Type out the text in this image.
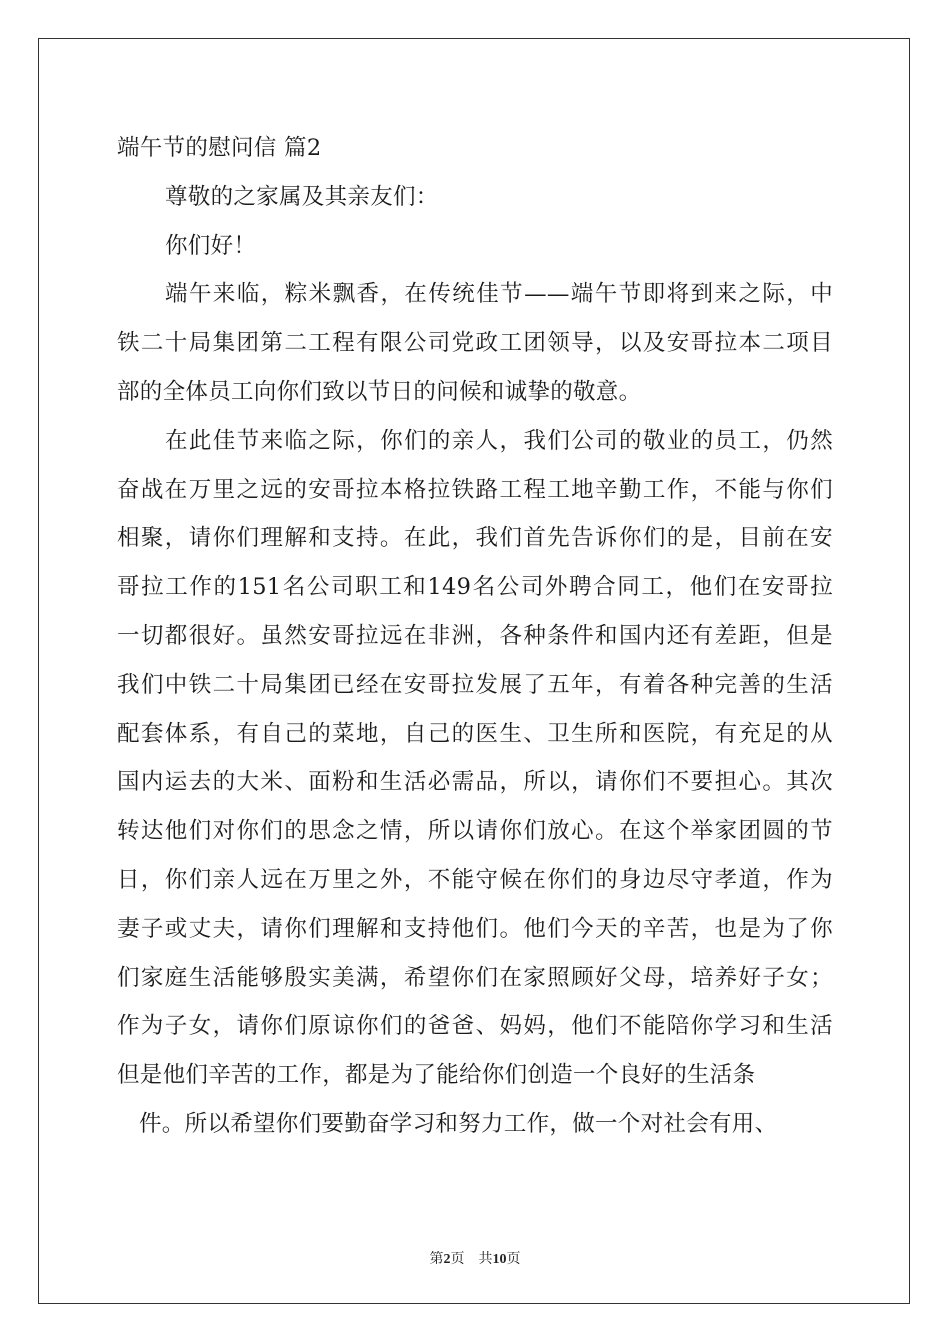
端午节的慰问信 篇2
尊敬的之家属及其亲友们：
你们好！
端午来临，粽米飘香，在传统佳节——端午节即将到来之际，中
铁二十局集团第二工程有限公司党政工团领导，以及安哥拉本二项目
部的全体员工向你们致以节日的问候和诚挚的敬意。
在此佳节来临之际，你们的亲人，我们公司的敬业的员工，仍然
奋战在万里之远的安哥拉本格拉铁路工程工地辛勤工作，不能与你们
相聚，请你们理解和支持。在此，我们首先告诉你们的是，目前在安
哥拉工作的151名公司职工和149名公司外聘合同工，他们在安哥拉
一切都很好。虽然安哥拉远在非洲，各种条件和国内还有差距，但是
我们中铁二十局集团已经在安哥拉发展了五年，有着各种完善的生活
配套体系，有自己的菜地，自己的医生、卫生所和医院，有充足的从
国内运去的大米、面粉和生活必需品，所以，请你们不要担心。其次
转达他们对你们的思念之情，所以请你们放心。在这个举家团圆的节
日，你们亲人远在万里之外，不能守候在你们的身边尽守孝道，作为
妻子或丈夫，请你们理解和支持他们。他们今天的辛苦，也是为了你
们家庭生活能够殷实美满，希望你们在家照顾好父母，培养好子女；
作为子女，请你们原谅你们的爸爸、妈妈，他们不能陪你学习和生活
但是他们辛苦的工作，都是为了能给你们创造一个良好的生活条
件。所以希望你们要勤奋学习和努力工作，做一个对社会有用、
第2页　共10页
